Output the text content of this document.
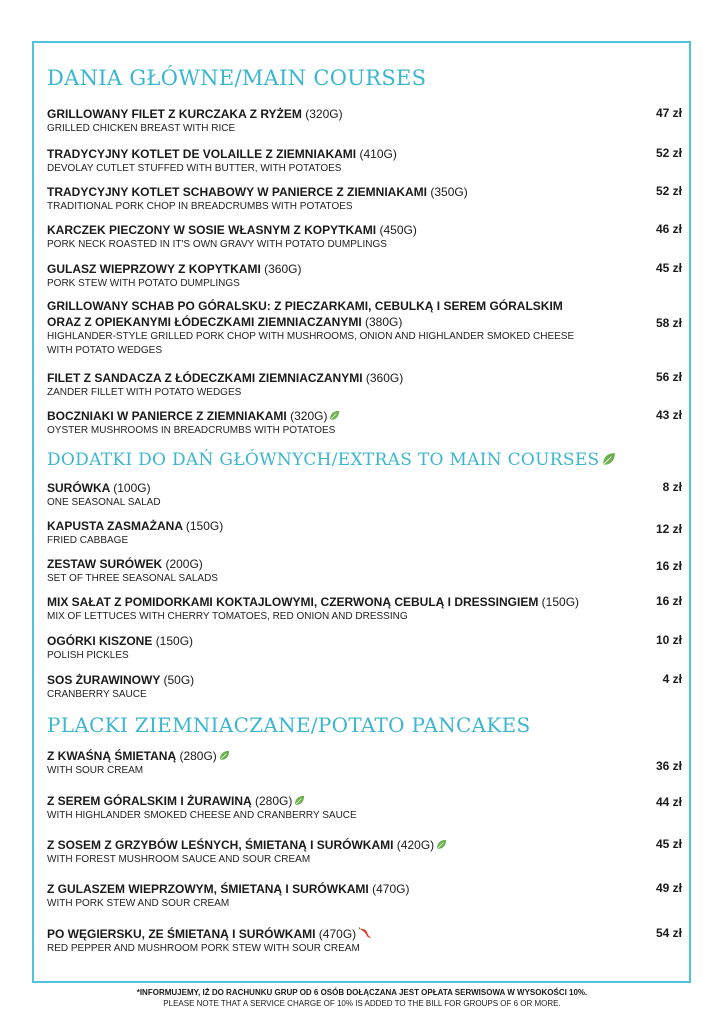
DANIA GŁÓWNE/MAIN COURSES
GRILLOWANY FILET Z KURCZAKA Z RYŻEM (320G)
GRILLED CHICKEN BREAST WITH RICE
47 zł
TRADYCYJNY KOTLET DE VOLAILLE Z ZIEMNIAKAMI (410G)
DEVOLAY CUTLET STUFFED WITH BUTTER, WITH POTATOES
52 zł
TRADYCYJNY KOTLET SCHABOWY W PANIERCE Z ZIEMNIAKAMI (350G)
TRADITIONAL PORK CHOP IN BREADCRUMBS WITH POTATOES
52 zł
KARCZEK PIECZONY W SOSIE WŁASNYM Z KOPYTKAMI (450G)
PORK NECK ROASTED IN IT'S OWN GRAVY WITH POTATO DUMPLINGS
46 zł
GULASZ WIEPRZOWY Z KOPYTKAMI (360G)
PORK STEW WITH POTATO DUMPLINGS
45 zł
GRILLOWANY SCHAB PO GÓRALSKU: Z PIECZARKAMI, CEBULKĄ I SEREM GÓRALSKIM
ORAZ Z OPIEKANYMI ŁÓDECZKAMI ZIEMNIACZANYMI (380G)
HIGHLANDER-STYLE GRILLED PORK CHOP WITH MUSHROOMS, ONION AND HIGHLANDER SMOKED CHEESE
WITH POTATO WEDGES
58 zł
FILET Z SANDACZA Z ŁÓDECZKAMI ZIEMNIACZANYMI (360G)
ZANDER FILLET WITH POTATO WEDGES
56 zł
BOCZNIAKI W PANIERCE Z ZIEMNIAKAMI (320G)
OYSTER MUSHROOMS IN BREADCRUMBS WITH POTATOES
43 zł
DODATKI DO DAŃ GŁÓWNYCH/EXTRAS TO MAIN COURSES
SURÓWKA (100G)
ONE SEASONAL SALAD
8 zł
KAPUSTA ZASMAŻANA (150G)
FRIED CABBAGE
12 zł
ZESTAW SURÓWEK (200G)
SET OF THREE SEASONAL SALADS
16 zł
MIX SAŁAT Z POMIDORKAMI KOKTAJLOWYMI, CZERWONĄ CEBULĄ I DRESSINGIEM (150G)
MIX OF LETTUCES WITH CHERRY TOMATOES, RED ONION AND DRESSING
16 zł
OGÓRKI KISZONE (150G)
POLISH PICKLES
10 zł
SOS ŻURAWINOWY (50G)
CRANBERRY SAUCE
4 zł
PLACKI ZIEMNIACZANE/POTATO PANCAKES
Z KWAŚNĄ ŚMIETANĄ (280G)
WITH SOUR CREAM	36 zł
Z SEREM GÓRALSKIM I ŻURAWINĄ (280G)
WITH HIGHLANDER SMOKED CHEESE AND CRANBERRY SAUCE
44 zł
Z SOSEM Z GRZYBÓW LEŚNYCH, ŚMIETANĄ I SURÓWKAMI (420G)
WITH FOREST MUSHROOM SAUCE AND SOUR CREAM
45 zł
Z GULASZEM WIEPRZOWYM, ŚMIETANĄ I SURÓWKAMI (470G)
WITH PORK STEW AND SOUR CREAM
49 zł
PO WĘGIERSKU, ZE ŚMIETANĄ I SURÓWKAMI (470G)
RED PEPPER AND MUSHROOM PORK STEW WITH SOUR CREAM
54 zł
*INFORMUJEMY, IŻ DO RACHUNKU GRUP OD 6 OSÓB DOŁĄCZANA JEST OPŁATA SERWISOWA W WYSOKOŚCI 10%.
PLEASE NOTE THAT A SERVICE CHARGE OF 10% IS ADDED TO THE BILL FOR GROUPS OF 6 OR MORE.
